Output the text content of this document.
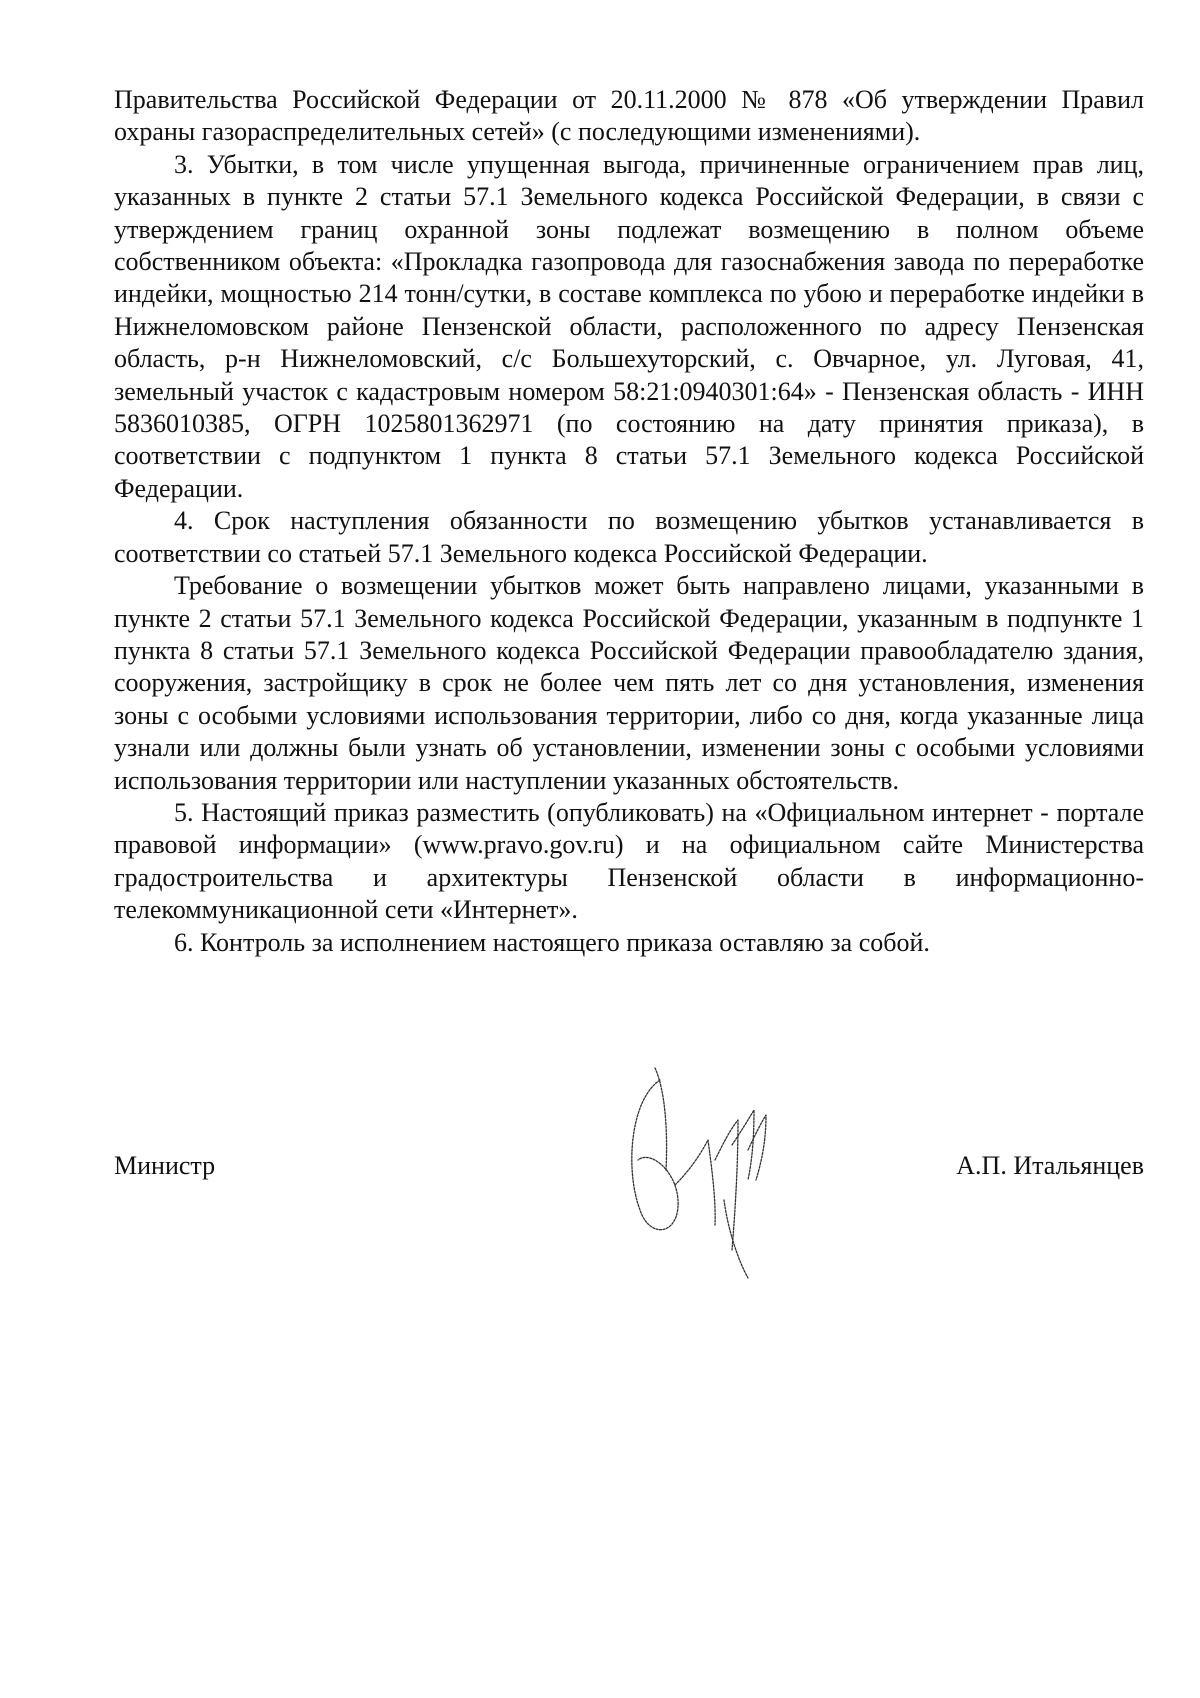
Правительства Российской Федерации от 20.11.2000 № 878 «Об утверждении Правил охраны газораспределительных сетей» (с последующими изменениями).

3. Убытки, в том числе упущенная выгода, причиненные ограничением прав лиц, указанных в пункте 2 статьи 57.1 Земельного кодекса Российской Федерации, в связи с утверждением границ охранной зоны подлежат возмещению в полном объеме собственником объекта: «Прокладка газопровода для газоснабжения завода по переработке индейки, мощностью 214 тонн/сутки, в составе комплекса по убою и переработке индейки в Нижнеломовском районе Пензенской области, расположенного по адресу Пензенская область, р-н Нижнеломовский, с/с Большехуторский, с. Овчарное, ул. Луговая, 41, земельный участок с кадастровым номером 58:21:0940301:64» - Пензенская область - ИНН 5836010385, ОГРН 1025801362971 (по состоянию на дату принятия приказа), в соответствии с подпунктом 1 пункта 8 статьи 57.1 Земельного кодекса Российской Федерации.

4. Срок наступления обязанности по возмещению убытков устанавливается в соответствии со статьей 57.1 Земельного кодекса Российской Федерации.

Требование о возмещении убытков может быть направлено лицами, указанными в пункте 2 статьи 57.1 Земельного кодекса Российской Федерации, указанным в подпункте 1 пункта 8 статьи 57.1 Земельного кодекса Российской Федерации правообладателю здания, сооружения, застройщику в срок не более чем пять лет со дня установления, изменения зоны с особыми условиями использования территории, либо со дня, когда указанные лица узнали или должны были узнать об установлении, изменении зоны с особыми условиями использования территории или наступлении указанных обстоятельств.

5. Настоящий приказ разместить (опубликовать) на «Официальном интернет - портале правовой информации» (www.pravo.gov.ru) и на официальном сайте Министерства градостроительства и архитектуры Пензенской области в информационно-телекоммуникационной сети «Интернет».

6. Контроль за исполнением настоящего приказа оставляю за собой.

Министр	А.П. Итальянцев
